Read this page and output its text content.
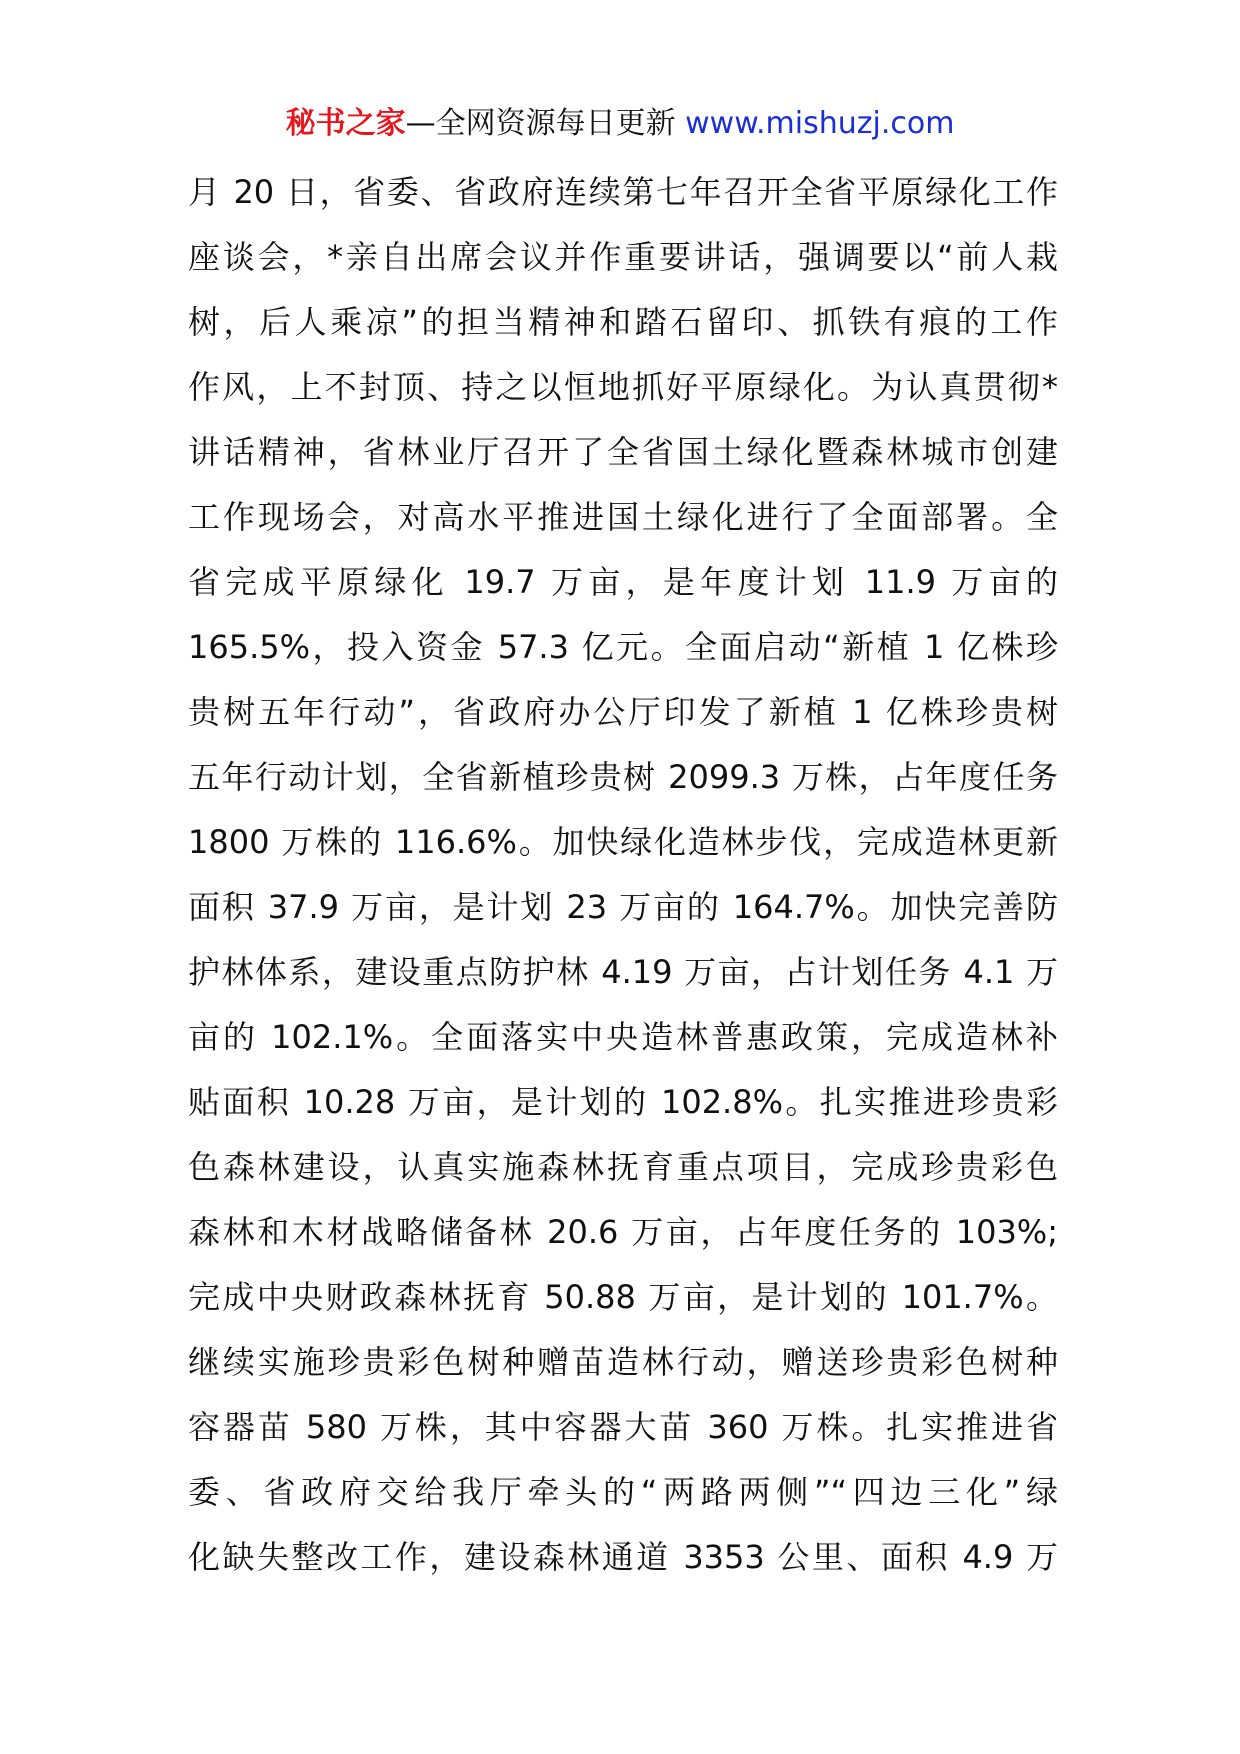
秘书之家—全网资源每日更新 www.mishuzj.com
月 20 日，省委、省政府连续第七年召开全省平原绿化工作
座谈会，*亲自出席会议并作重要讲话，强调要以“前人栽
树，后人乘凉”的担当精神和踏石留印、抓铁有痕的工作
作风，上不封顶、持之以恒地抓好平原绿化。为认真贯彻*
讲话精神，省林业厅召开了全省国土绿化暨森林城市创建
工作现场会，对高水平推进国土绿化进行了全面部署。全
省完成平原绿化 19.7 万亩，是年度计划 11.9 万亩的
165.5%，投入资金 57.3 亿元。全面启动“新植 1 亿株珍
贵树五年行动”，省政府办公厅印发了新植 1 亿株珍贵树
五年行动计划，全省新植珍贵树 2099.3 万株，占年度任务
1800 万株的 116.6%。加快绿化造林步伐，完成造林更新
面积 37.9 万亩，是计划 23 万亩的 164.7%。加快完善防
护林体系，建设重点防护林 4.19 万亩，占计划任务 4.1 万
亩的 102.1%。全面落实中央造林普惠政策，完成造林补
贴面积 10.28 万亩，是计划的 102.8%。扎实推进珍贵彩
色森林建设，认真实施森林抚育重点项目，完成珍贵彩色
森林和木材战略储备林 20.6 万亩，占年度任务的 103%;
完成中央财政森林抚育 50.88 万亩，是计划的 101.7%。
继续实施珍贵彩色树种赠苗造林行动，赠送珍贵彩色树种
容器苗 580 万株，其中容器大苗 360 万株。扎实推进省
委、省政府交给我厅牵头的“两路两侧”“四边三化”绿
化缺失整改工作，建设森林通道 3353 公里、面积 4.9 万
